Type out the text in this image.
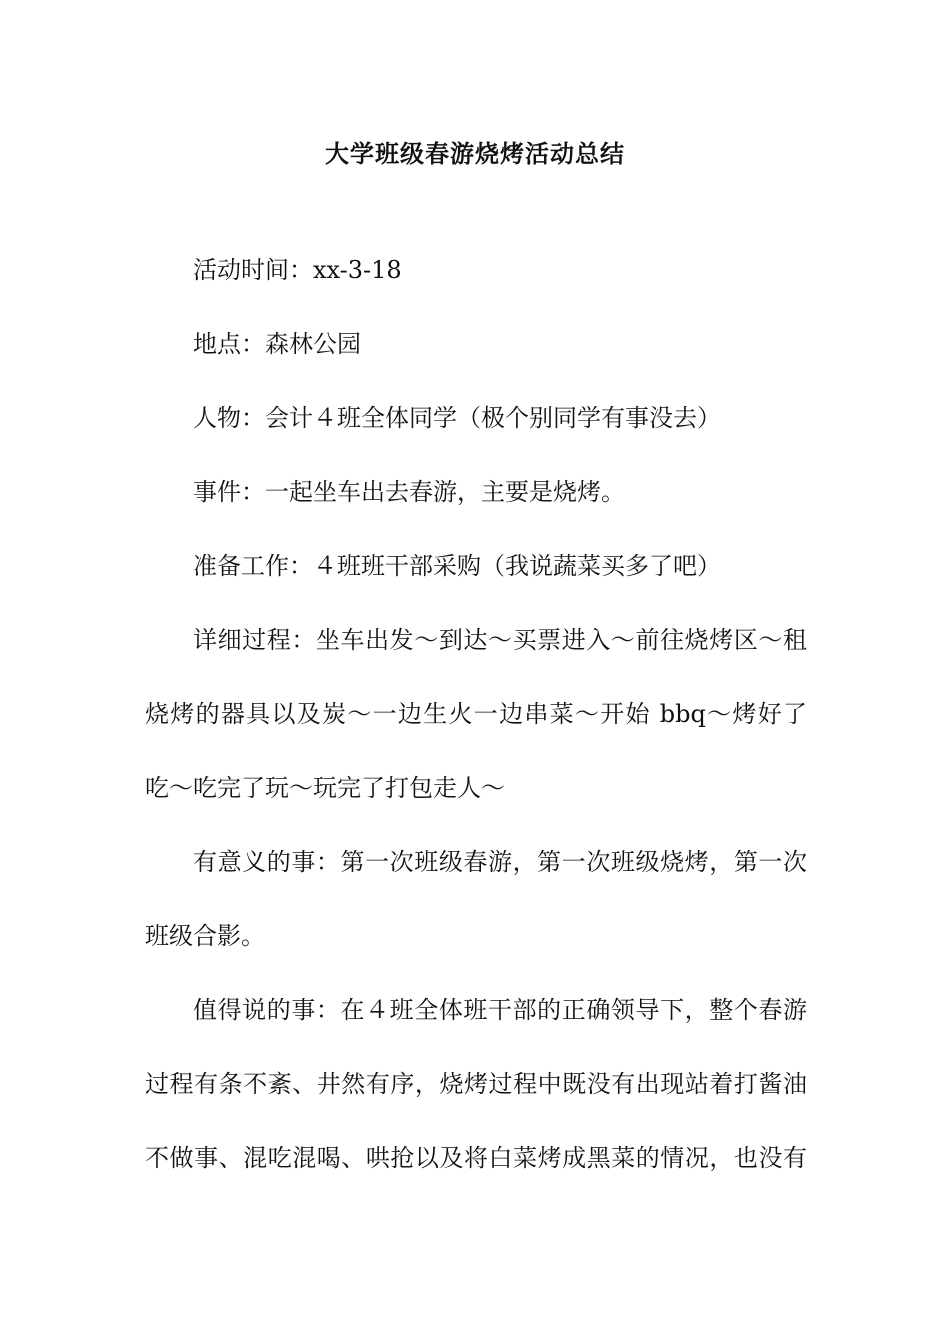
大学班级春游烧烤活动总结
活动时间：xx-3-18
地点：森林公园
人物：会计４班全体同学（极个别同学有事没去）
事件：一起坐车出去春游，主要是烧烤。
准备工作：４班班干部采购（我说蔬菜买多了吧）
详细过程：坐车出发～到达～买票进入～前往烧烤区～租
烧烤的器具以及炭～一边生火一边串菜～开始 bbq～烤好了
吃～吃完了玩～玩完了打包走人～
有意义的事：第一次班级春游，第一次班级烧烤，第一次
班级合影。
值得说的事：在４班全体班干部的正确领导下，整个春游
过程有条不紊、井然有序，烧烤过程中既没有出现站着打酱油
不做事、混吃混喝、哄抢以及将白菜烤成黑菜的情况，也没有
